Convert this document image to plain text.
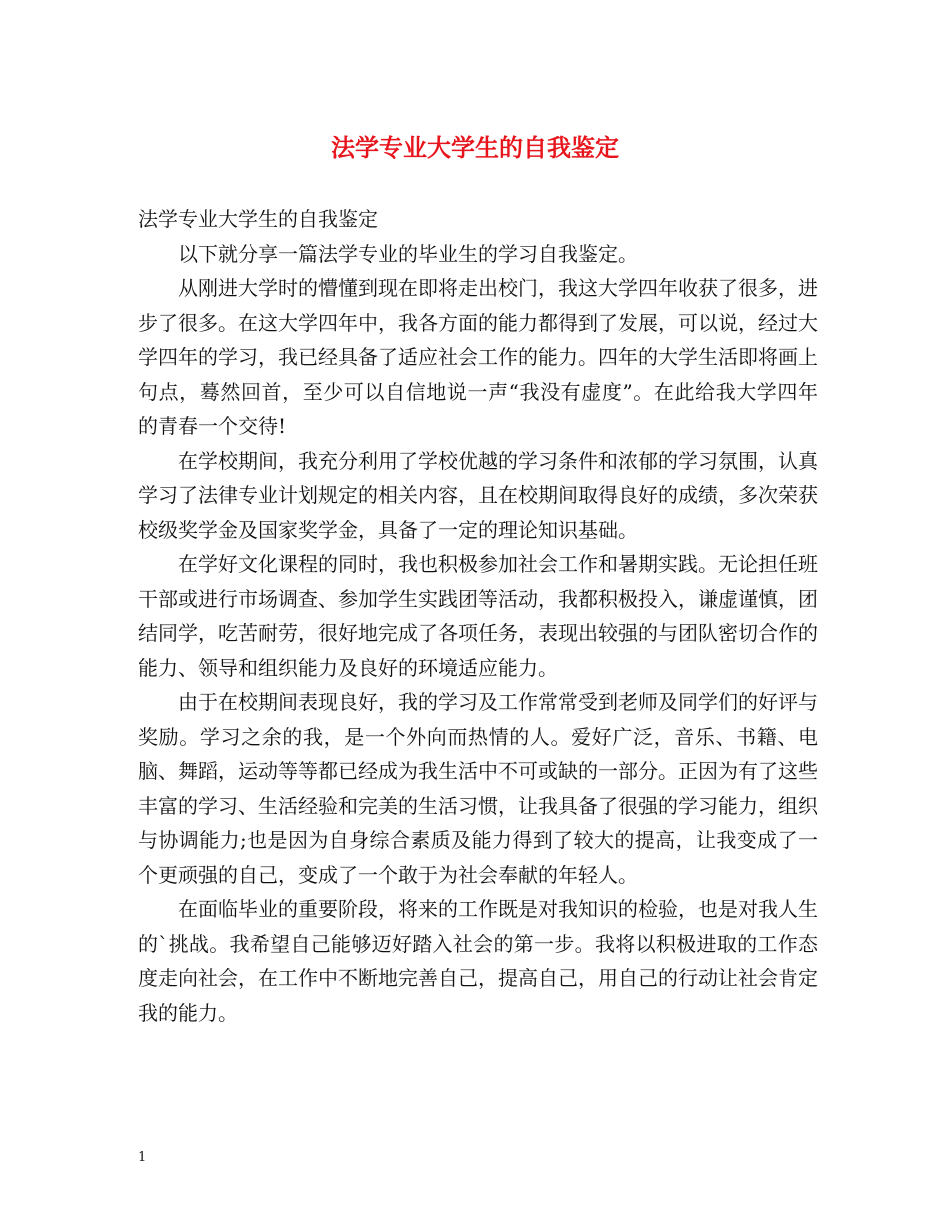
法学专业大学生的自我鉴定

法学专业大学生的自我鉴定

以下就分享一篇法学专业的毕业生的学习自我鉴定。

从刚进大学时的懵懂到现在即将走出校门，我这大学四年收获了很多，进步了很多。在这大学四年中，我各方面的能力都得到了发展，可以说，经过大学四年的学习，我已经具备了适应社会工作的能力。四年的大学生活即将画上句点，蓦然回首，至少可以自信地说一声“我没有虚度”。在此给我大学四年的青春一个交待!

在学校期间，我充分利用了学校优越的学习条件和浓郁的学习氛围，认真学习了法律专业计划规定的相关内容，且在校期间取得良好的成绩，多次荣获校级奖学金及国家奖学金，具备了一定的理论知识基础。

在学好文化课程的同时，我也积极参加社会工作和暑期实践。无论担任班干部或进行市场调查、参加学生实践团等活动，我都积极投入，谦虚谨慎，团结同学，吃苦耐劳，很好地完成了各项任务，表现出较强的与团队密切合作的能力、领导和组织能力及良好的环境适应能力。

由于在校期间表现良好，我的学习及工作常常受到老师及同学们的好评与奖励。学习之余的我，是一个外向而热情的人。爱好广泛，音乐、书籍、电脑、舞蹈，运动等等都已经成为我生活中不可或缺的一部分。正因为有了这些丰富的学习、生活经验和完美的生活习惯，让我具备了很强的学习能力，组织与协调能力;也是因为自身综合素质及能力得到了较大的提高，让我变成了一个更顽强的自己，变成了一个敢于为社会奉献的年轻人。

在面临毕业的重要阶段，将来的工作既是对我知识的检验，也是对我人生的`挑战。我希望自己能够迈好踏入社会的第一步。我将以积极进取的工作态度走向社会，在工作中不断地完善自己，提高自己，用自己的行动让社会肯定我的能力。

1
